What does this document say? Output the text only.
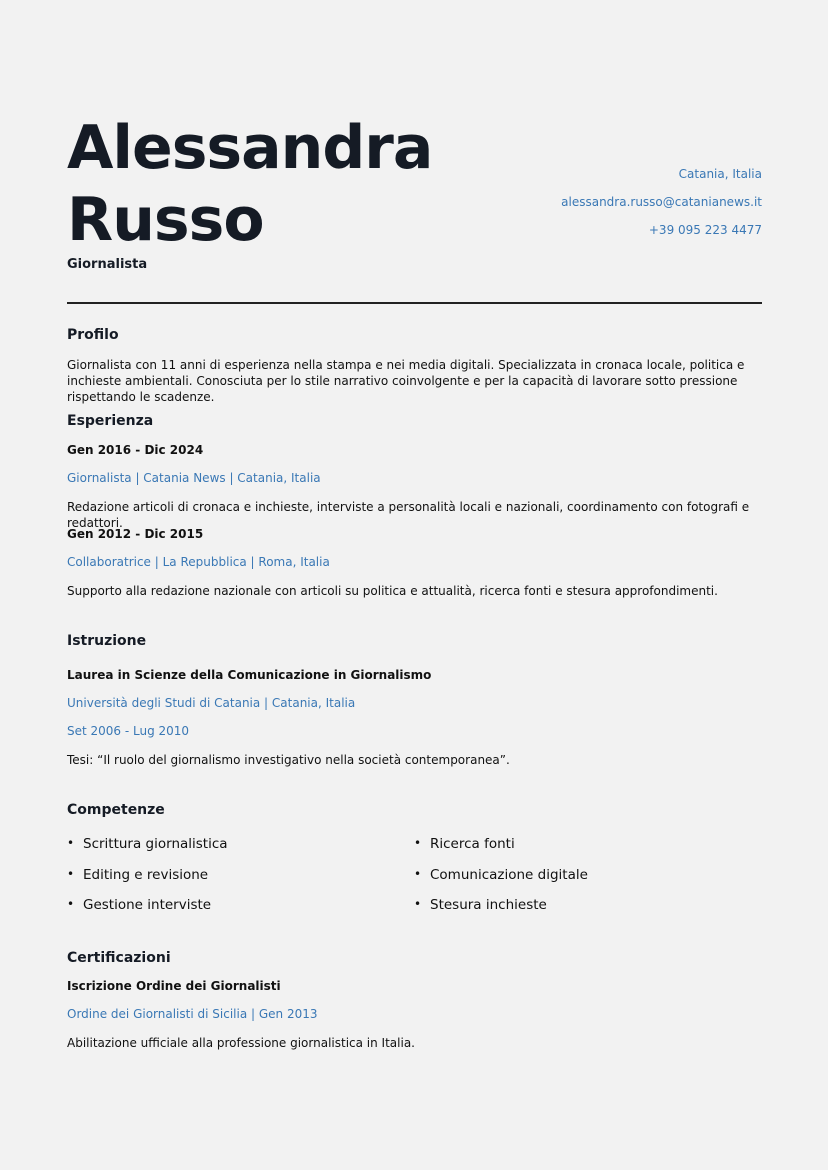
Alessandra
Russo
Giornalista
Catania, Italia
alessandra.russo@catanianews.it
+39 095 223 4477
Profilo
Giornalista con 11 anni di esperienza nella stampa e nei media digitali. Specializzata in cronaca locale, politica e inchieste ambientali. Conosciuta per lo stile narrativo coinvolgente e per la capacità di lavorare sotto pressione rispettando le scadenze.
Esperienza
Gen 2016 - Dic 2024
Giornalista | Catania News | Catania, Italia
Redazione articoli di cronaca e inchieste, interviste a personalità locali e nazionali, coordinamento con fotografi e redattori.
Gen 2012 - Dic 2015
Collaboratrice | La Repubblica | Roma, Italia
Supporto alla redazione nazionale con articoli su politica e attualità, ricerca fonti e stesura approfondimenti.
Istruzione
Laurea in Scienze della Comunicazione in Giornalismo
Università degli Studi di Catania | Catania, Italia
Set 2006 - Lug 2010
Tesi: “Il ruolo del giornalismo investigativo nella società contemporanea”.
Competenze
• Scrittura giornalistica	• Ricerca fonti
• Editing e revisione	• Comunicazione digitale
• Gestione interviste	• Stesura inchieste
Certificazioni
Iscrizione Ordine dei Giornalisti
Ordine dei Giornalisti di Sicilia | Gen 2013
Abilitazione ufficiale alla professione giornalistica in Italia.
